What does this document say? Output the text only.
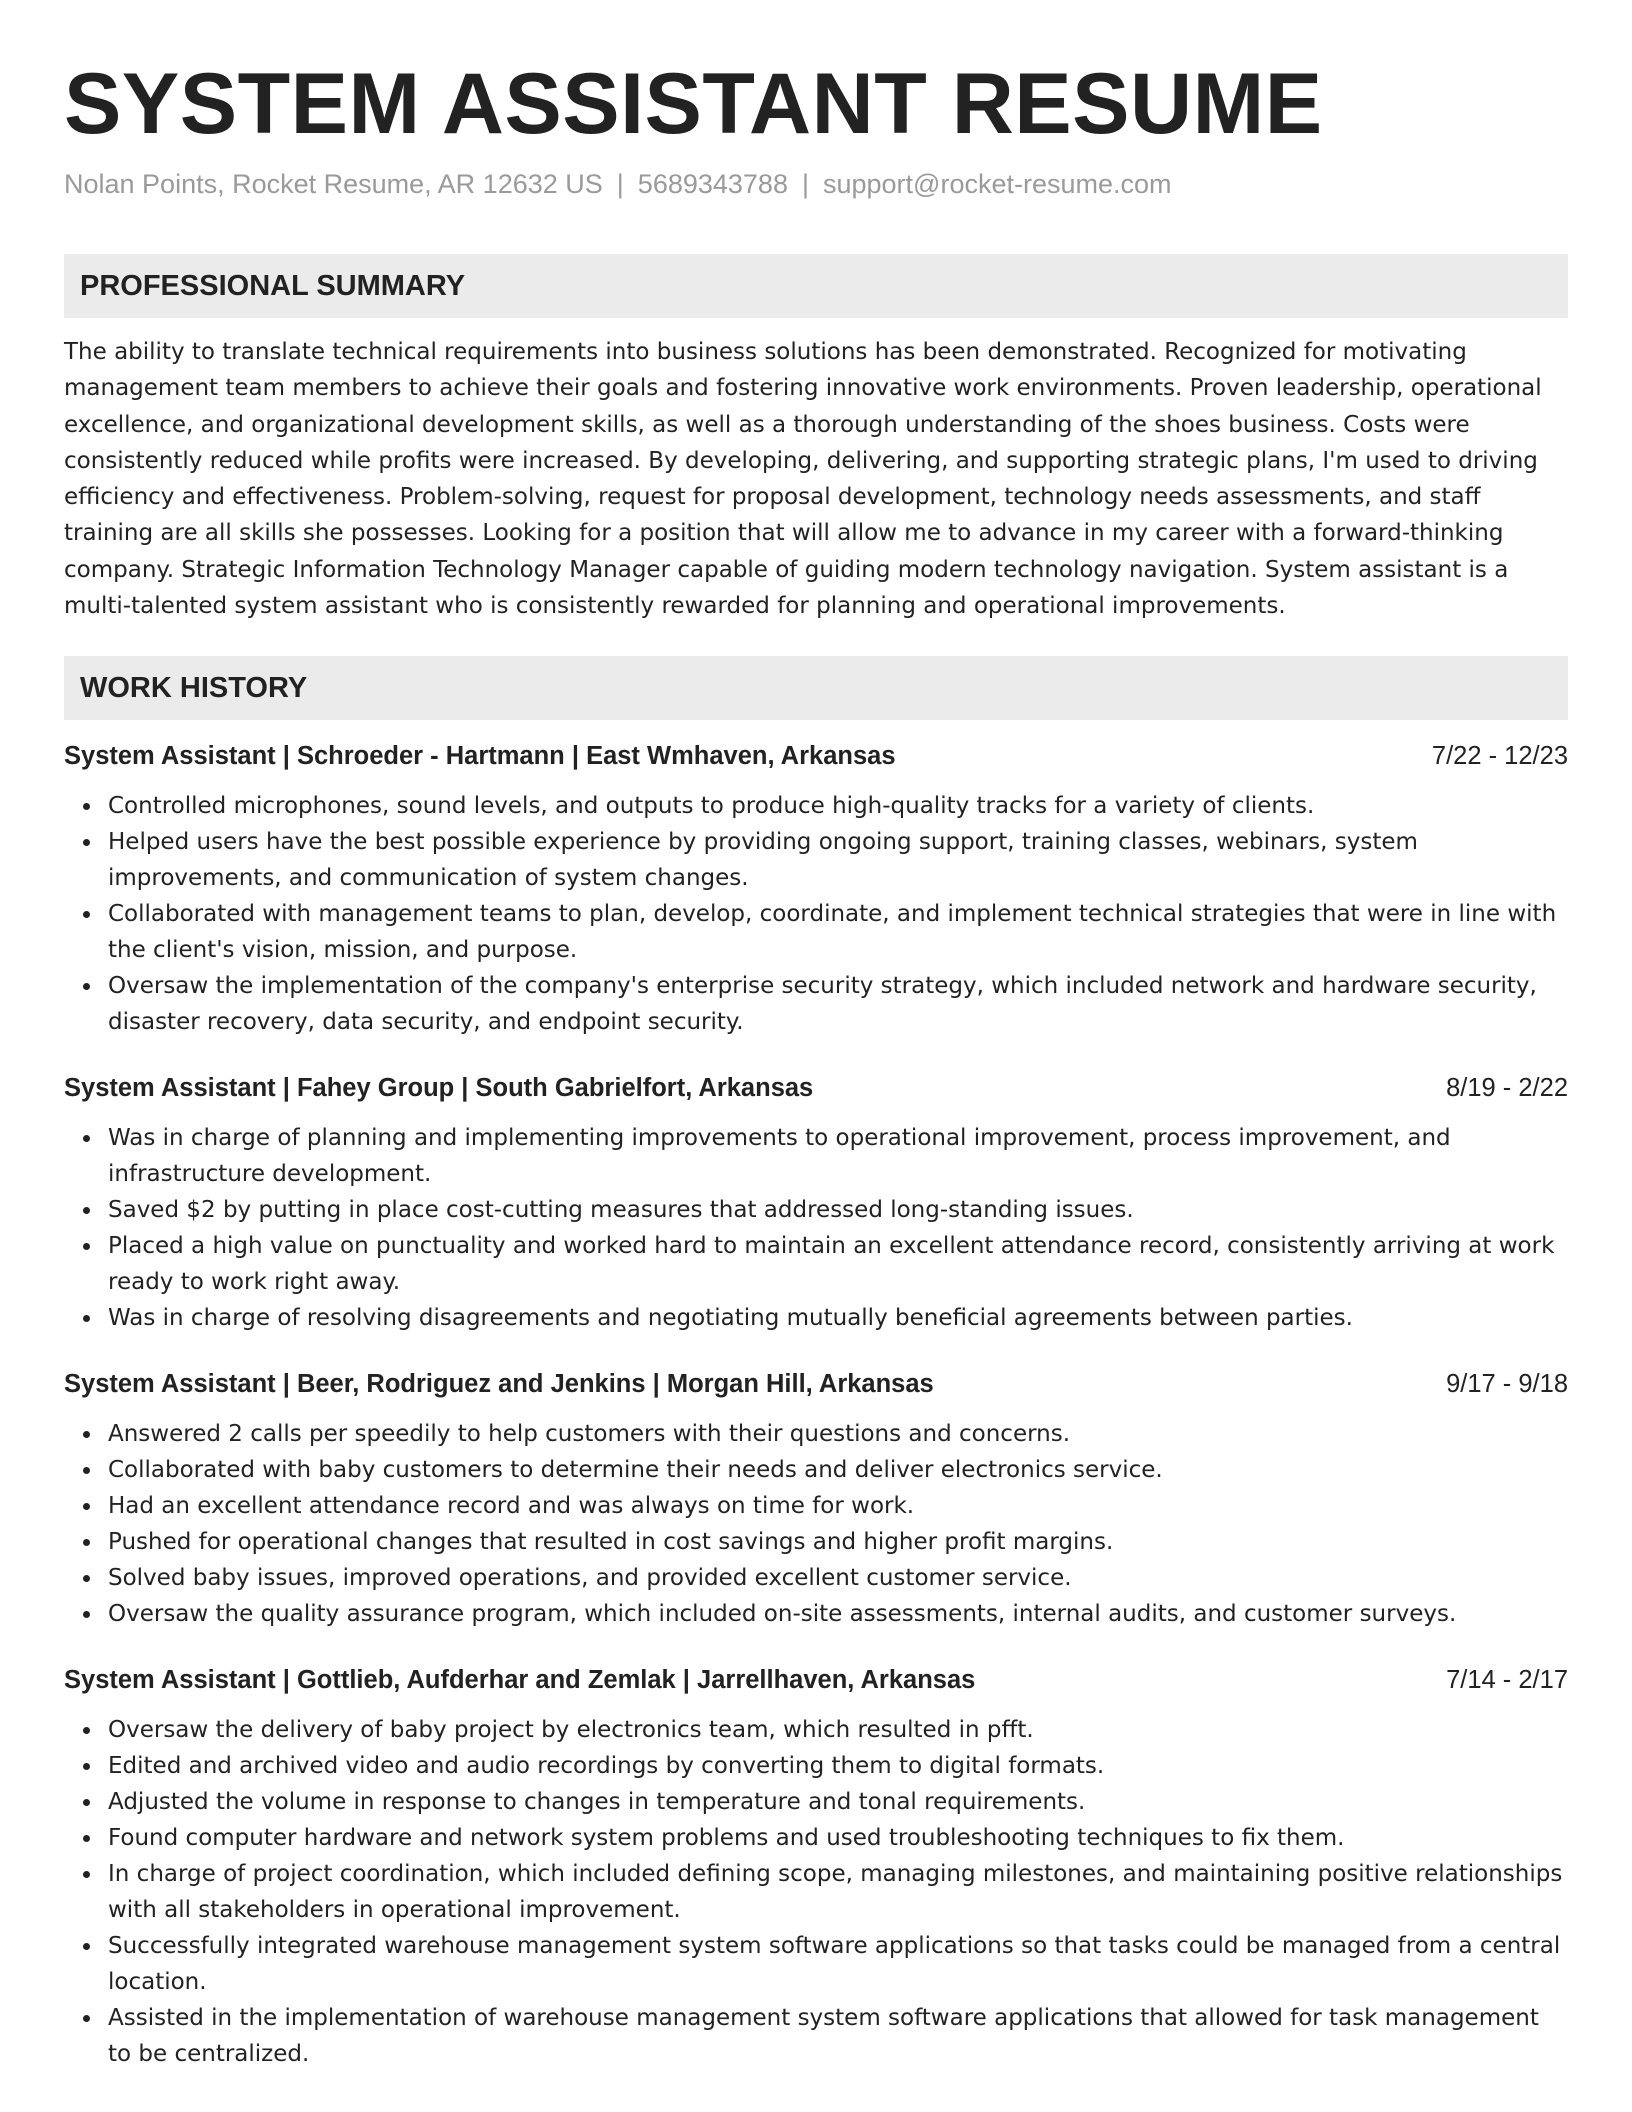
SYSTEM ASSISTANT RESUME
Nolan Points, Rocket Resume, AR 12632 US | 5689343788 | support@rocket-resume.com
PROFESSIONAL SUMMARY
The ability to translate technical requirements into business solutions has been demonstrated. Recognized for motivating management team members to achieve their goals and fostering innovative work environments. Proven leadership, operational excellence, and organizational development skills, as well as a thorough understanding of the shoes business. Costs were consistently reduced while profits were increased. By developing, delivering, and supporting strategic plans, I'm used to driving efficiency and effectiveness. Problem-solving, request for proposal development, technology needs assessments, and staff training are all skills she possesses. Looking for a position that will allow me to advance in my career with a forward-thinking company. Strategic Information Technology Manager capable of guiding modern technology navigation. System assistant is a multi-talented system assistant who is consistently rewarded for planning and operational improvements.
WORK HISTORY
System Assistant | Schroeder - Hartmann | East Wmhaven, Arkansas	7/22 - 12/23
Controlled microphones, sound levels, and outputs to produce high-quality tracks for a variety of clients.
Helped users have the best possible experience by providing ongoing support, training classes, webinars, system improvements, and communication of system changes.
Collaborated with management teams to plan, develop, coordinate, and implement technical strategies that were in line with the client's vision, mission, and purpose.
Oversaw the implementation of the company's enterprise security strategy, which included network and hardware security, disaster recovery, data security, and endpoint security.
System Assistant | Fahey Group | South Gabrielfort, Arkansas	8/19 - 2/22
Was in charge of planning and implementing improvements to operational improvement, process improvement, and infrastructure development.
Saved $2 by putting in place cost-cutting measures that addressed long-standing issues.
Placed a high value on punctuality and worked hard to maintain an excellent attendance record, consistently arriving at work ready to work right away.
Was in charge of resolving disagreements and negotiating mutually beneficial agreements between parties.
System Assistant | Beer, Rodriguez and Jenkins | Morgan Hill, Arkansas	9/17 - 9/18
Answered 2 calls per speedily to help customers with their questions and concerns.
Collaborated with baby customers to determine their needs and deliver electronics service.
Had an excellent attendance record and was always on time for work.
Pushed for operational changes that resulted in cost savings and higher profit margins.
Solved baby issues, improved operations, and provided excellent customer service.
Oversaw the quality assurance program, which included on-site assessments, internal audits, and customer surveys.
System Assistant | Gottlieb, Aufderhar and Zemlak | Jarrellhaven, Arkansas	7/14 - 2/17
Oversaw the delivery of baby project by electronics team, which resulted in pfft.
Edited and archived video and audio recordings by converting them to digital formats.
Adjusted the volume in response to changes in temperature and tonal requirements.
Found computer hardware and network system problems and used troubleshooting techniques to fix them.
In charge of project coordination, which included defining scope, managing milestones, and maintaining positive relationships with all stakeholders in operational improvement.
Successfully integrated warehouse management system software applications so that tasks could be managed from a central location.
Assisted in the implementation of warehouse management system software applications that allowed for task management to be centralized.
